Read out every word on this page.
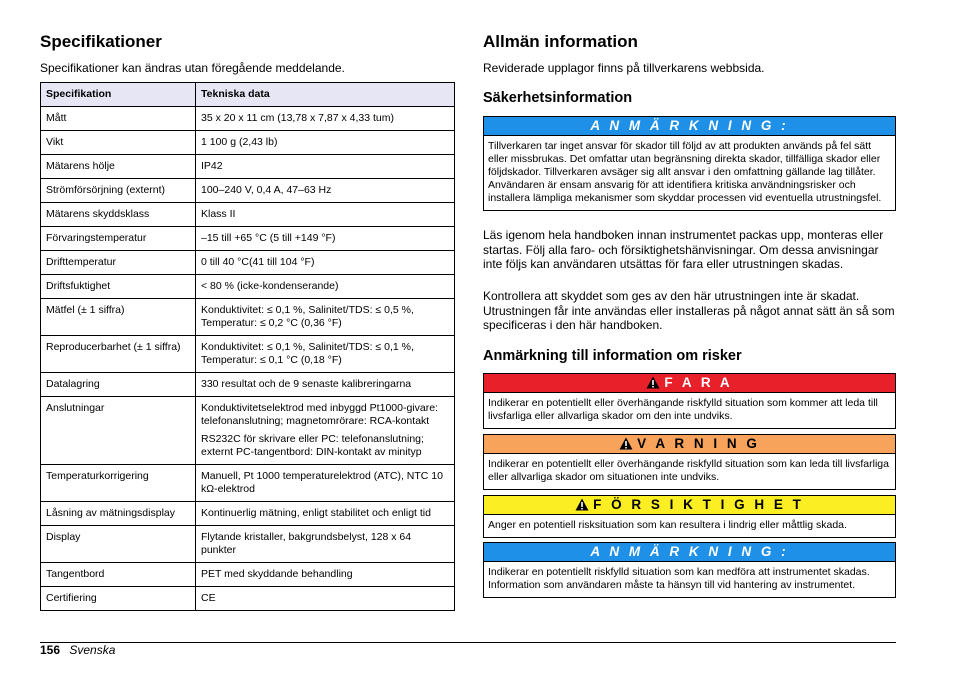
Specifikationer

Specifikationer kan ändras utan föregående meddelande.

Specifikation	Tekniska data
Mått	35 x 20 x 11 cm (13,78 x 7,87 x 4,33 tum)
Vikt	1 100 g (2,43 lb)
Mätarens hölje	IP42
Strömförsörjning (externt)	100–240 V, 0,4 A, 47–63 Hz
Mätarens skyddsklass	Klass II
Förvaringstemperatur	–15 till +65 °C (5 till +149 °F)
Drifttemperatur	0 till 40 °C(41 till 104 °F)
Driftsfuktighet	< 80 % (icke-kondenserande)
Mätfel (± 1 siffra)	Konduktivitet: ≤ 0,1 %, Salinitet/TDS: ≤ 0,5 %, Temperatur: ≤ 0,2 °C (0,36 °F)
Reproducerbarhet (± 1 siffra)	Konduktivitet: ≤ 0,1 %, Salinitet/TDS: ≤ 0,1 %, Temperatur: ≤ 0,1 °C (0,18 °F)
Datalagring	330 resultat och de 9 senaste kalibreringarna
Anslutningar	Konduktivitetselektrod med inbyggd Pt1000-givare: telefonanslutning; magnetomrörare: RCA-kontakt
RS232C för skrivare eller PC: telefonanslutning; externt PC-tangentbord: DIN-kontakt av minityp

Temperaturkorrigering	Manuell, Pt 1000 temperaturelektrod (ATC), NTC 10 kΩ-elektrod
Låsning av mätningsdisplay	Kontinuerlig mätning, enligt stabilitet och enligt tid
Display	Flytande kristaller, bakgrundsbelyst, 128 x 64 punkter
Tangentbord	PET med skyddande behandling
Certifiering	CE
Allmän information

Reviderade upplagor finns på tillverkarens webbsida.

Säkerhetsinformation
A N M Ä R K N I N G :
Tillverkaren tar inget ansvar för skador till följd av att produkten används på fel sätt eller missbrukas. Det omfattar utan begränsning direkta skador, tillfälliga skador eller följdskador. Tillverkaren avsäger sig allt ansvar i den omfattning gällande lag tillåter. Användaren är ensam ansvarig för att identifiera kritiska användningsrisker och installera lämpliga mekanismer som skyddar processen vid eventuella utrustningsfel.

Läs igenom hela handboken innan instrumentet packas upp, monteras eller startas. Följ alla faro- och försiktighetshänvisningar. Om dessa anvisningar inte följs kan användaren utsättas för fara eller utrustningen skadas.

Kontrollera att skyddet som ges av den här utrustningen inte är skadat. Utrustningen får inte användas eller installeras på något annat sätt än så som specificeras i den här handboken.

Anmärkning till information om risker
F A R A
Indikerar en potentiellt eller överhängande riskfylld situation som kommer att leda till livsfarliga eller allvarliga skador om den inte undviks.
V A R N I N G
Indikerar en potentiellt eller överhängande riskfylld situation som kan leda till livsfarliga eller allvarliga skador om situationen inte undviks.
F Ö R S I K T I G H E T
Anger en potentiell risksituation som kan resultera i lindrig eller måttlig skada.
A N M Ä R K N I N G :
Indikerar en potentiellt riskfylld situation som kan medföra att instrumentet skadas. Information som användaren måste ta hänsyn till vid hantering av instrumentet.
156 Svenska
